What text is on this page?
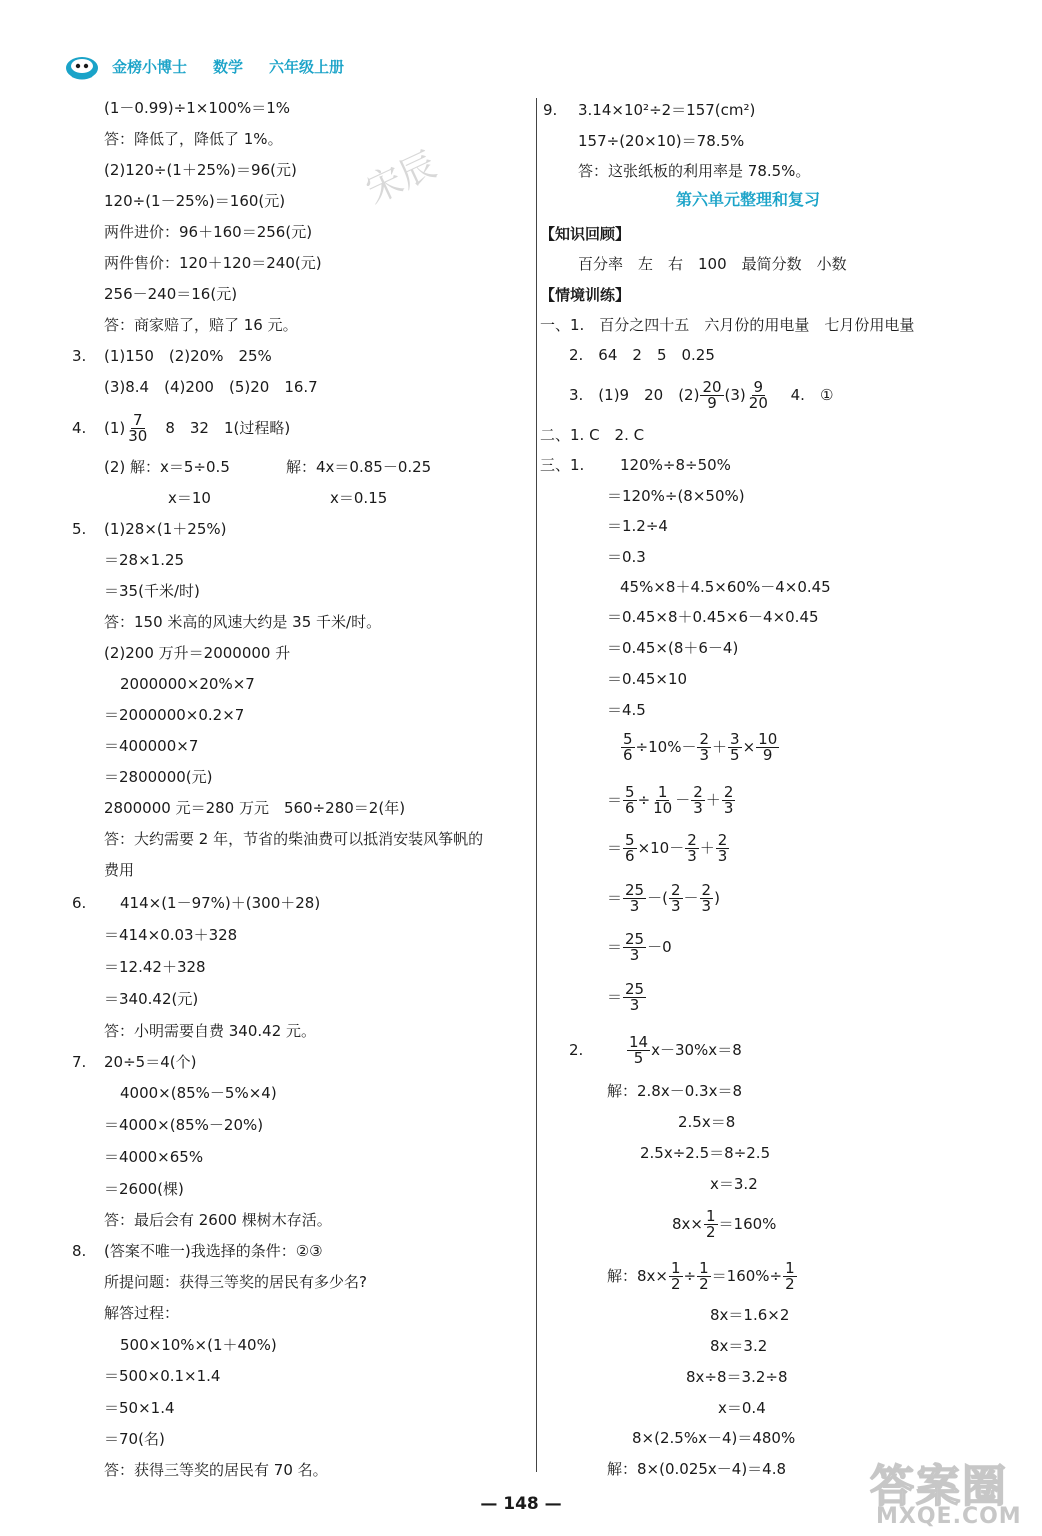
金榜小博士 数学 六年级上册
宋辰
答案圈
MXQE.COM
(1－0.99)÷1×100%＝1%
答：降低了，降低了 1%。
(2)120÷(1＋25%)＝96(元)
120÷(1－25%)＝160(元)
两件进价：96＋160＝256(元)
两件售价：120＋120＝240(元)
256－240＝16(元)
答：商家赔了，赔了 16 元。
3. (1)150　(2)20%　25%
(3)8.4　(4)200　(5)20　16.7
4. $(1) \frac{7}{30}$ 　8　32　1(过程略)
(2) 解：x＝5÷0.5	解：4x＝0.85－0.25
x＝10	x＝0.15
5. (1)28×(1＋25%)
＝28×1.25
＝35(千米/时)
答：150 米高的风速大约是 35 千米/时。
(2)200 万升＝2000000 升
2000000×20%×7
＝2000000×0.2×7
＝400000×7
＝2800000(元)
2800000 元＝280 万元　560÷280＝2(年)
答：大约需要 2 年，节省的柴油费可以抵消安装风筝帆的
费用
6. 414×(1－97%)＋(300＋28)
＝414×0.03＋328
＝12.42＋328
＝340.42(元)
答：小明需要自费 340.42 元。
7. 20÷5＝4(个)
4000×(85%－5%×4)
＝4000×(85%－20%)
＝4000×65%
＝2600(棵)
答：最后会有 2600 棵树木存活。
8. (答案不唯一)我选择的条件：②③
所提问题：获得三等奖的居民有多少名?
解答过程：
500×10%×(1＋40%)
＝500×0.1×1.4
＝50×1.4
＝70(名)
答：获得三等奖的居民有 70 名。
9. 3.14×10²÷2＝157(cm²)
157÷(20×10)＝78.5%
答：这张纸板的利用率是 78.5%。
第六单元整理和复习
【知识回顾】
百分率　左　右　100　最简分数　小数
【情境训练】
一、1.　百分之四十五　六月份的用电量　七月份用电量
2.　64　2　5　0.25
3.　(1)9　20　$(2) \frac{20}{9} (3) \frac{9}{20}$ 　 4.　①
二、1. C　2. C
三、1. 120%÷8÷50%
＝120%÷(8×50%)
＝1.2÷4
＝0.3
45%×8＋4.5×60%－4×0.45
＝0.45×8＋0.45×6－4×0.45
＝0.45×(8＋6－4)
＝0.45×10
＝4.5
$\frac{5}{6} \div 10\%- \frac{2}{3} + \frac{3}{5} \times \frac{10}{9}$
＝ $\frac{5}{6} \div \frac{1}{10} - \frac{2}{3} + \frac{2}{3}$
＝ $\frac{5}{6} \times 10- \frac{2}{3} + \frac{2}{3}$
＝ $\frac{25}{3}$ －( $\frac{2}{3} - \frac{2}{3}$ )
＝ $\frac{25}{3} -0$
＝ $\frac{25}{3}$
2.	$\frac{14}{5} x-30\%x=8$
解：2.8x－0.3x＝8
2.5x＝8
2.5x÷2.5＝8÷2.5
x＝3.2
$8x\times \frac{1}{2} =160\%$
解：$8x\times \frac{1}{2} \div \frac{1}{2} =160\%\div \frac{1}{2}$
8x＝1.6×2
8x＝3.2
8x÷8＝3.2÷8
x＝0.4
8×(2.5%x－4)＝480%
解：8×(0.025x－4)＝4.8
— 148 —
